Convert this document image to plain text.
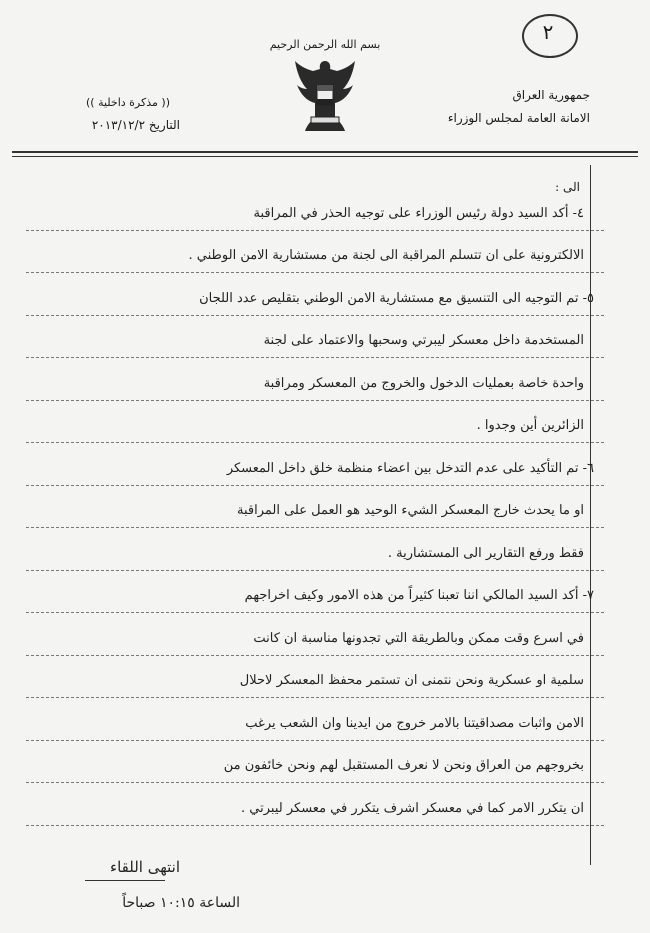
٢
بسم الله الرحمن الرحيم
جمهورية العراق
الامانة العامة لمجلس الوزراء
(( مذكرة داخلية ))
التاريخ ٢٠١٣/١٢/٢
الى :
٤- أكد السيد دولة رئيس الوزراء على توجيه الحذر في المراقبة
الالكترونية على ان تتسلم المراقبة الى لجنة من مستشارية الامن الوطني .
٥- تم التوجيه الى التنسيق مع مستشارية الامن الوطني بتقليص عدد اللجان
المستخدمة داخل معسكر ليبرتي وسحبها والاعتماد على لجنة
واحدة خاصة بعمليات الدخول والخروج من المعسكر ومراقبة
الزائرين أين وجدوا .
٦- تم التأكيد على عدم التدخل بين اعضاء منظمة خلق داخل المعسكر
او ما يحدث خارج المعسكر الشيء الوحيد هو العمل على المراقبة
فقط ورفع التقارير الى المستشارية .
٧- أكد السيد المالكي اننا تعبنا كثيراً من هذه الامور وكيف اخراجهم
في اسرع وقت ممكن وبالطريقة التي تجدونها مناسبة ان كانت
سلمية او عسكرية ونحن نتمنى ان تستمر محفظ المعسكر لاحلال
الامن واثبات مصداقيتنا بالامر خروج من ايدينا وان الشعب يرغب
بخروجهم من العراق ونحن لا نعرف المستقبل لهم ونحن خائفون من
ان يتكرر الامر كما في معسكر اشرف يتكرر في معسكر ليبرتي .
انتهى اللقاء
الساعة ١٠:١٥ صباحاً
